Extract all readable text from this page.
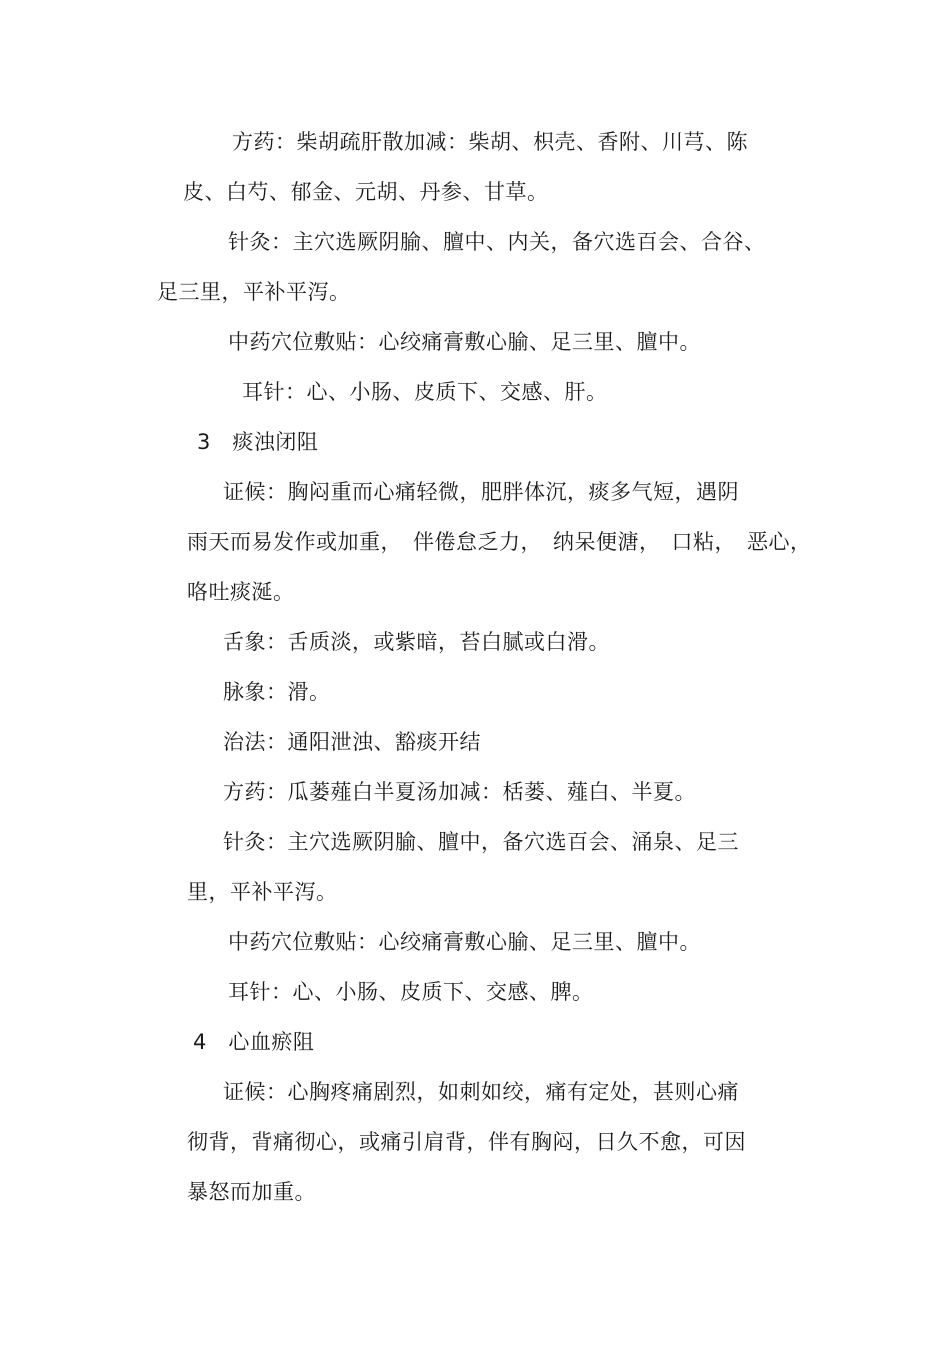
方药：柴胡疏肝散加减：柴胡、枳壳、香附、川芎、陈
皮、白芍、郁金、元胡、丹参、甘草。
针灸：主穴选厥阴腧、膻中、内关，备穴选百会、合谷、
足三里，平补平泻。
中药穴位敷贴：心绞痛膏敷心腧、足三里、膻中。
耳针：心、小肠、皮质下、交感、肝。
3　痰浊闭阻
证候：胸闷重而心痛轻微，肥胖体沉，痰多气短，遇阴
雨天而易发作或加重，　伴倦怠乏力，　纳呆便溏，　口粘，　恶心，
咯吐痰涎。
舌象：舌质淡，或紫暗，苔白腻或白滑。
脉象：滑。
治法：通阳泄浊、豁痰开结
方药：瓜蒌薤白半夏汤加减：栝蒌、薤白、半夏。
针灸：主穴选厥阴腧、膻中，备穴选百会、涌泉、足三
里，平补平泻。
中药穴位敷贴：心绞痛膏敷心腧、足三里、膻中。
耳针：心、小肠、皮质下、交感、脾。
4　心血瘀阻
证候：心胸疼痛剧烈，如刺如绞，痛有定处，甚则心痛
彻背，背痛彻心，或痛引肩背，伴有胸闷，日久不愈，可因
暴怒而加重。
